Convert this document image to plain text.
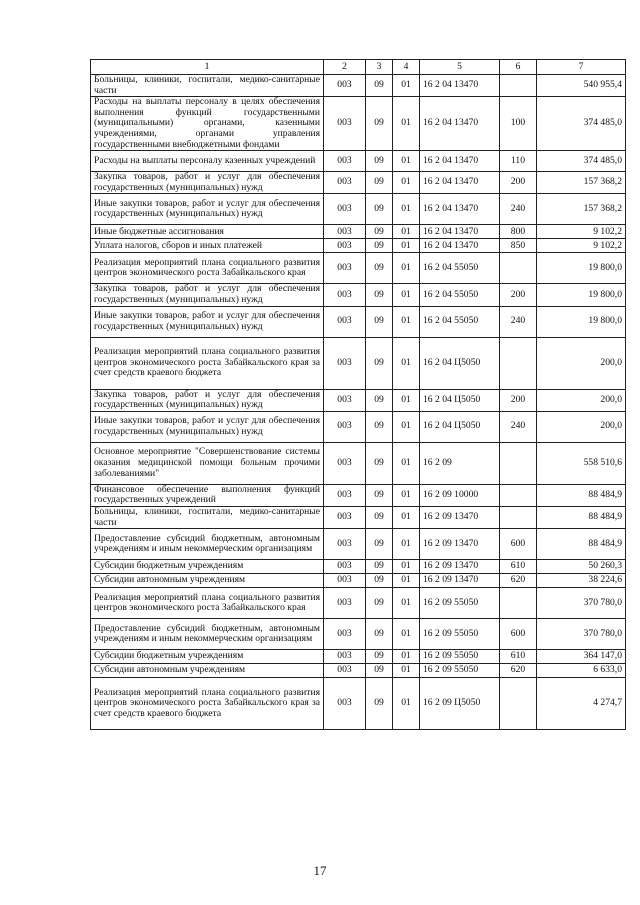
1	2	3	4	5	6	7
Больницы, клиники, госпитали, медико-санитарные части	003	09	01	16 2 04 13470		540 955,4
Расходы на выплаты персоналу в целях обеспечения выполнения функций государственными (муниципальными) органами, казенными учреждениями, органами управления государственными внебюджетными фондами	003	09	01	16 2 04 13470	100	374 485,0
Расходы на выплаты персоналу казенных учреждений	003	09	01	16 2 04 13470	110	374 485,0
Закупка товаров, работ и услуг для обеспечения государственных (муниципальных) нужд	003	09	01	16 2 04 13470	200	157 368,2
Иные закупки товаров, работ и услуг для обеспечения государственных (муниципальных) нужд	003	09	01	16 2 04 13470	240	157 368,2
Иные бюджетные ассигнования	003	09	01	16 2 04 13470	800	9 102,2
Уплата налогов, сборов и иных платежей	003	09	01	16 2 04 13470	850	9 102,2
Реализация мероприятий плана социального развития центров экономического роста Забайкальского края	003	09	01	16 2 04 55050		19 800,0
Закупка товаров, работ и услуг для обеспечения государственных (муниципальных) нужд	003	09	01	16 2 04 55050	200	19 800,0
Иные закупки товаров, работ и услуг для обеспечения государственных (муниципальных) нужд	003	09	01	16 2 04 55050	240	19 800,0
Реализация мероприятий плана социального развития центров экономического роста Забайкальского края за счет средств краевого бюджета	003	09	01	16 2 04 Ц5050		200,0
Закупка товаров, работ и услуг для обеспечения государственных (муниципальных) нужд	003	09	01	16 2 04 Ц5050	200	200,0
Иные закупки товаров, работ и услуг для обеспечения государственных (муниципальных) нужд	003	09	01	16 2 04 Ц5050	240	200,0
Основное мероприятие "Совершенствование системы оказания медицинской помощи больным прочими заболеваниями"	003	09	01	16 2 09		558 510,6
Финансовое обеспечение выполнения функций государственных учреждений	003	09	01	16 2 09 10000		88 484,9
Больницы, клиники, госпитали, медико-санитарные части	003	09	01	16 2 09 13470		88 484,9
Предоставление субсидий бюджетным, автономным учреждениям и иным некоммерческим организациям	003	09	01	16 2 09 13470	600	88 484,9
Субсидии бюджетным учреждениям	003	09	01	16 2 09 13470	610	50 260,3
Субсидии автономным учреждениям	003	09	01	16 2 09 13470	620	38 224,6
Реализация мероприятий плана социального развития центров экономического роста Забайкальского края	003	09	01	16 2 09 55050		370 780,0
Предоставление субсидий бюджетным, автономным учреждениям и иным некоммерческим организациям	003	09	01	16 2 09 55050	600	370 780,0
Субсидии бюджетным учреждениям	003	09	01	16 2 09 55050	610	364 147,0
Субсидии автономным учреждениям	003	09	01	16 2 09 55050	620	6 633,0
Реализация мероприятий плана социального развития центров экономического роста Забайкальского края за счет средств краевого бюджета	003	09	01	16 2 09 Ц5050		4 274,7
17
